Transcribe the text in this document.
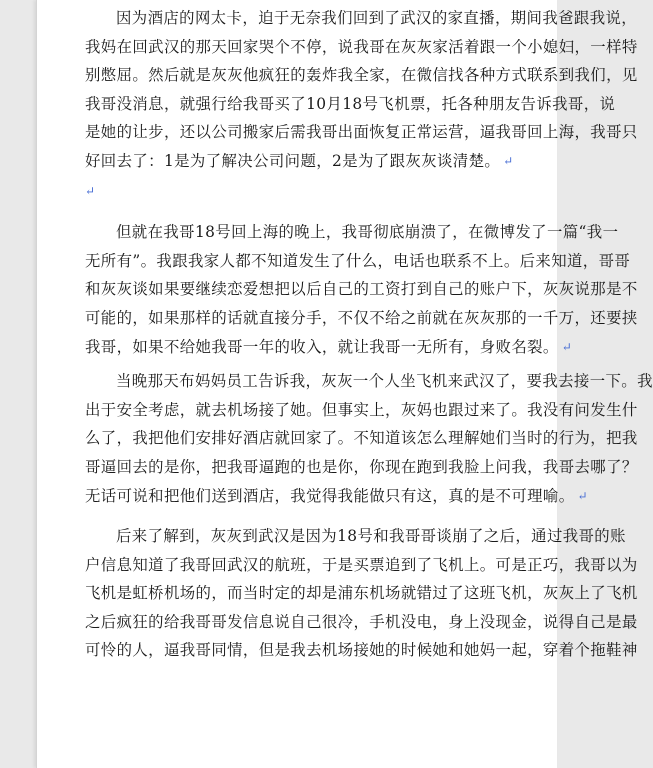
因为酒店的网太卡，迫于无奈我们回到了武汉的家直播，期间我爸跟我说，
我妈在回武汉的那天回家哭个不停，说我哥在灰灰家活着跟一个小媳妇，一样特
别憋屈。然后就是灰灰他疯狂的轰炸我全家，在微信找各种方式联系到我们，见
我哥没消息，就强行给我哥买了10月18号飞机票，托各种朋友告诉我哥，说
是她的让步，还以公司搬家后需我哥出面恢复正常运营，逼我哥回上海，我哥只
好回去了：1是为了解决公司问题，2是为了跟灰灰谈清楚。 ↵
↵
但就在我哥18号回上海的晚上，我哥彻底崩溃了，在微博发了一篇“我一
无所有”。我跟我家人都不知道发生了什么，电话也联系不上。后来知道，哥哥
和灰灰谈如果要继续恋爱想把以后自己的工资打到自己的账户下，灰灰说那是不
可能的，如果那样的话就直接分手，不仅不给之前就在灰灰那的一千万，还要挟
我哥，如果不给她我哥一年的收入，就让我哥一无所有，身败名裂。 ↵
当晚那天布妈妈员工告诉我，灰灰一个人坐飞机来武汉了，要我去接一下。我
出于安全考虑，就去机场接了她。但事实上，灰妈也跟过来了。我没有问发生什
么了，我把他们安排好酒店就回家了。不知道该怎么理解她们当时的行为，把我
哥逼回去的是你，把我哥逼跑的也是你，你现在跑到我脸上问我，我哥去哪了？
无话可说和把他们送到酒店，我觉得我能做只有这，真的是不可理喻。 ↵
后来了解到，灰灰到武汉是因为18号和我哥哥谈崩了之后，通过我哥的账
户信息知道了我哥回武汉的航班，于是买票追到了飞机上。可是正巧，我哥以为
飞机是虹桥机场的，而当时定的却是浦东机场就错过了这班飞机，灰灰上了飞机
之后疯狂的给我哥哥发信息说自己很冷，手机没电，身上没现金，说得自己是最
可怜的人，逼我哥同情，但是我去机场接她的时候她和她妈一起，穿着个拖鞋神
